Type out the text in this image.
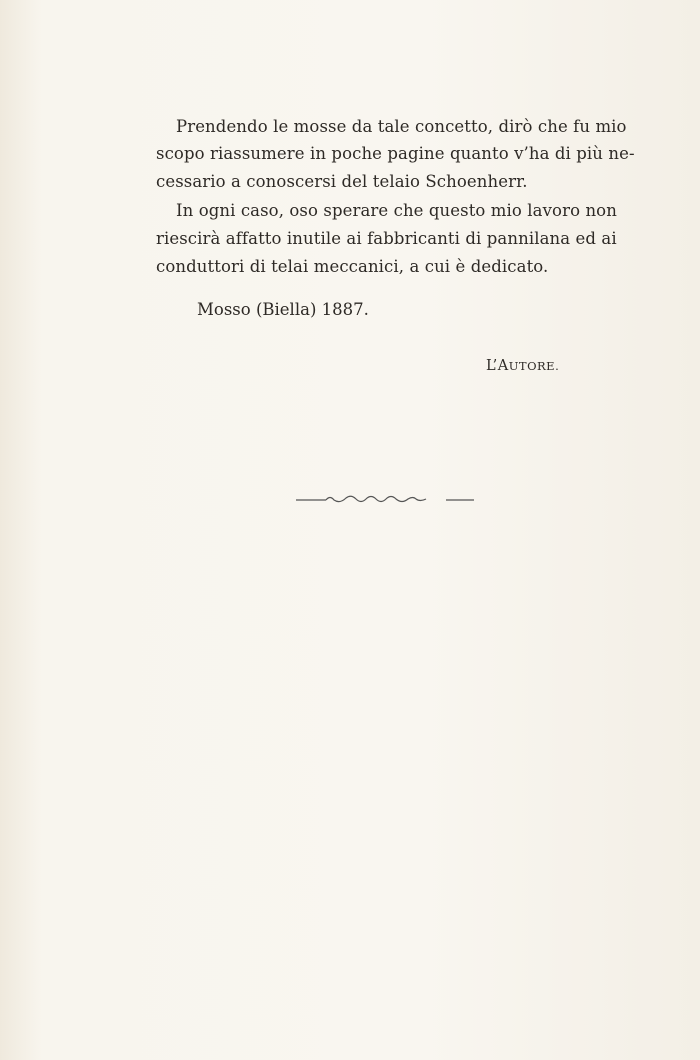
Prendendo le mosse da tale concetto, dirò che fu mio
scopo riassumere in poche pagine quanto v’ha di più ne-
cessario a conoscersi del telaio Schoenherr.
In ogni caso, oso sperare che questo mio lavoro non
riescirà affatto inutile ai fabbricanti di pannilana ed ai
conduttori di telai meccanici, a cui è dedicato.
Mosso (Biella) 1887.
L’AUTORE.
